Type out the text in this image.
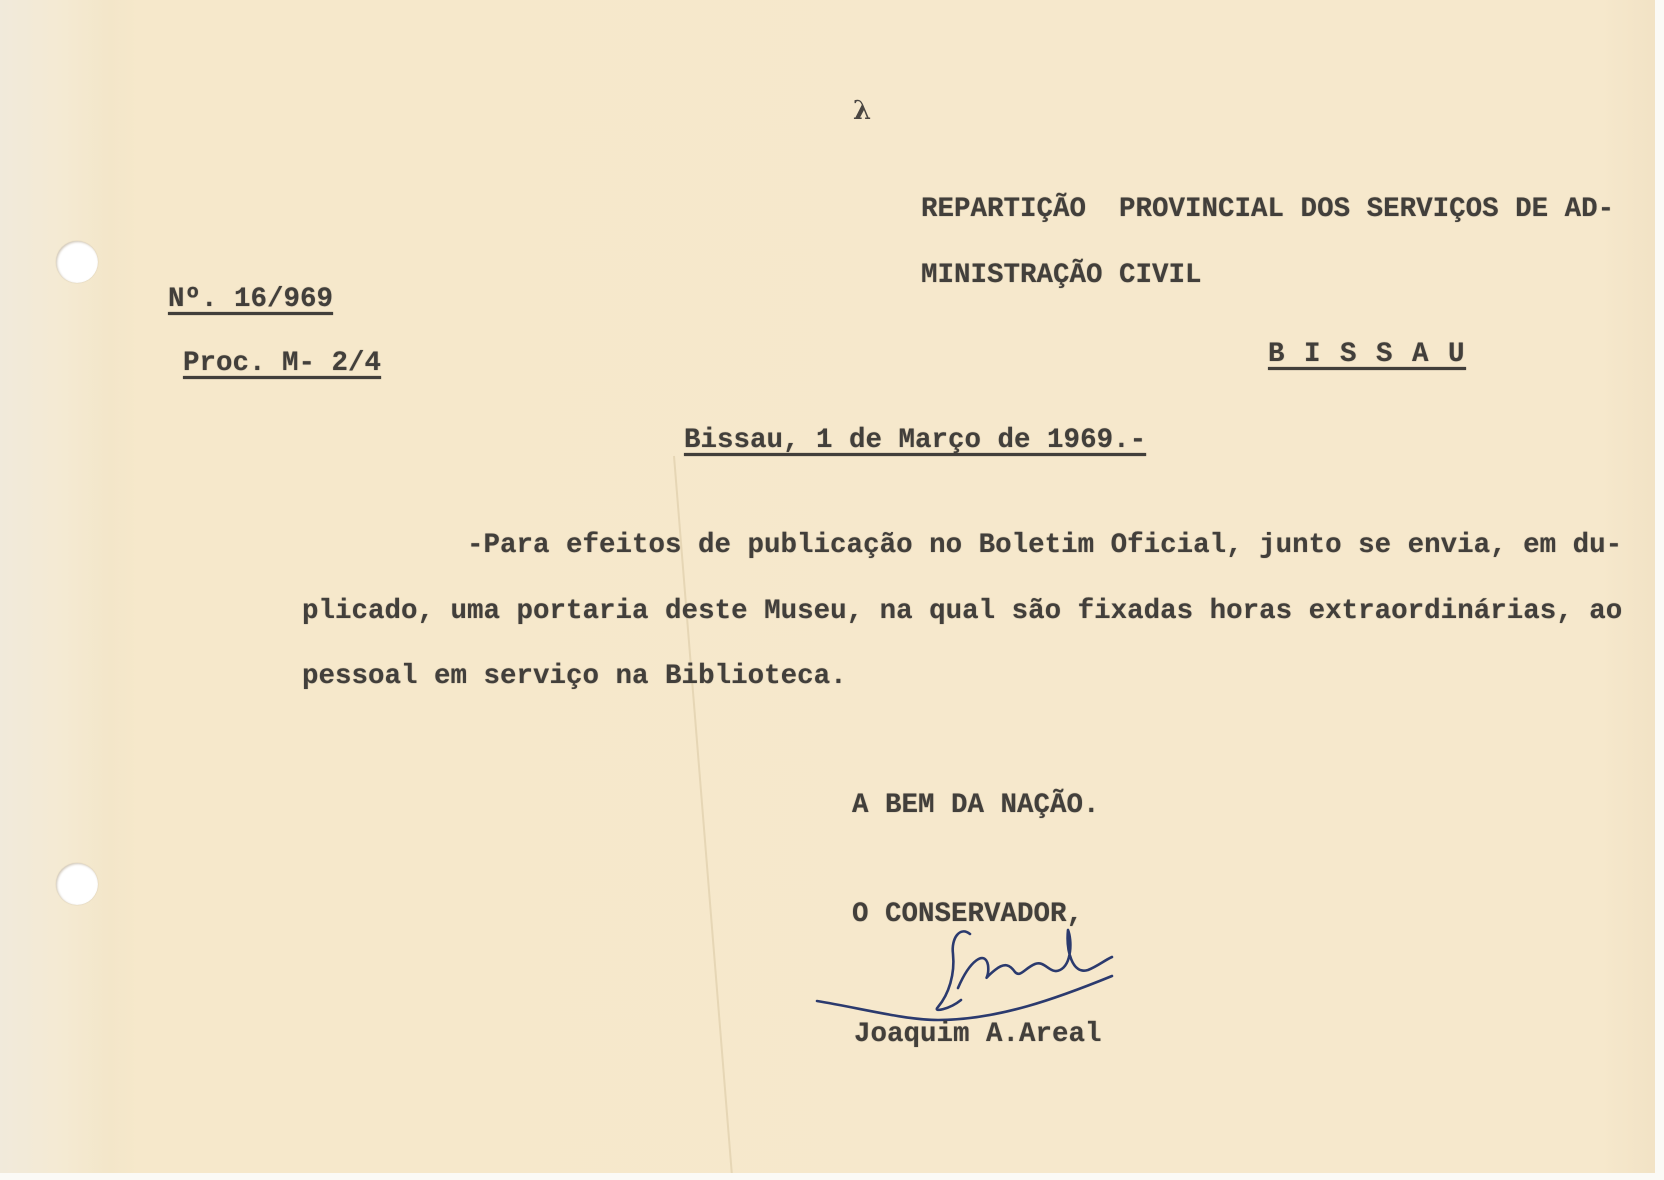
λ
REPARTIÇÃO  PROVINCIAL DOS SERVIÇOS DE AD-
MINISTRAÇÃO CIVIL
Nº. 16/969
Proc. M- 2/4	B I S S A U
Bissau, 1 de Março de 1969.-
-Para efeitos de publicação no Boletim Oficial, junto se envia, em du-
plicado, uma portaria deste Museu, na qual são fixadas horas extraordinárias, ao
pessoal em serviço na Biblioteca.
A BEM DA NAÇÃO.
O CONSERVADOR,
Joaquim A.Areal
